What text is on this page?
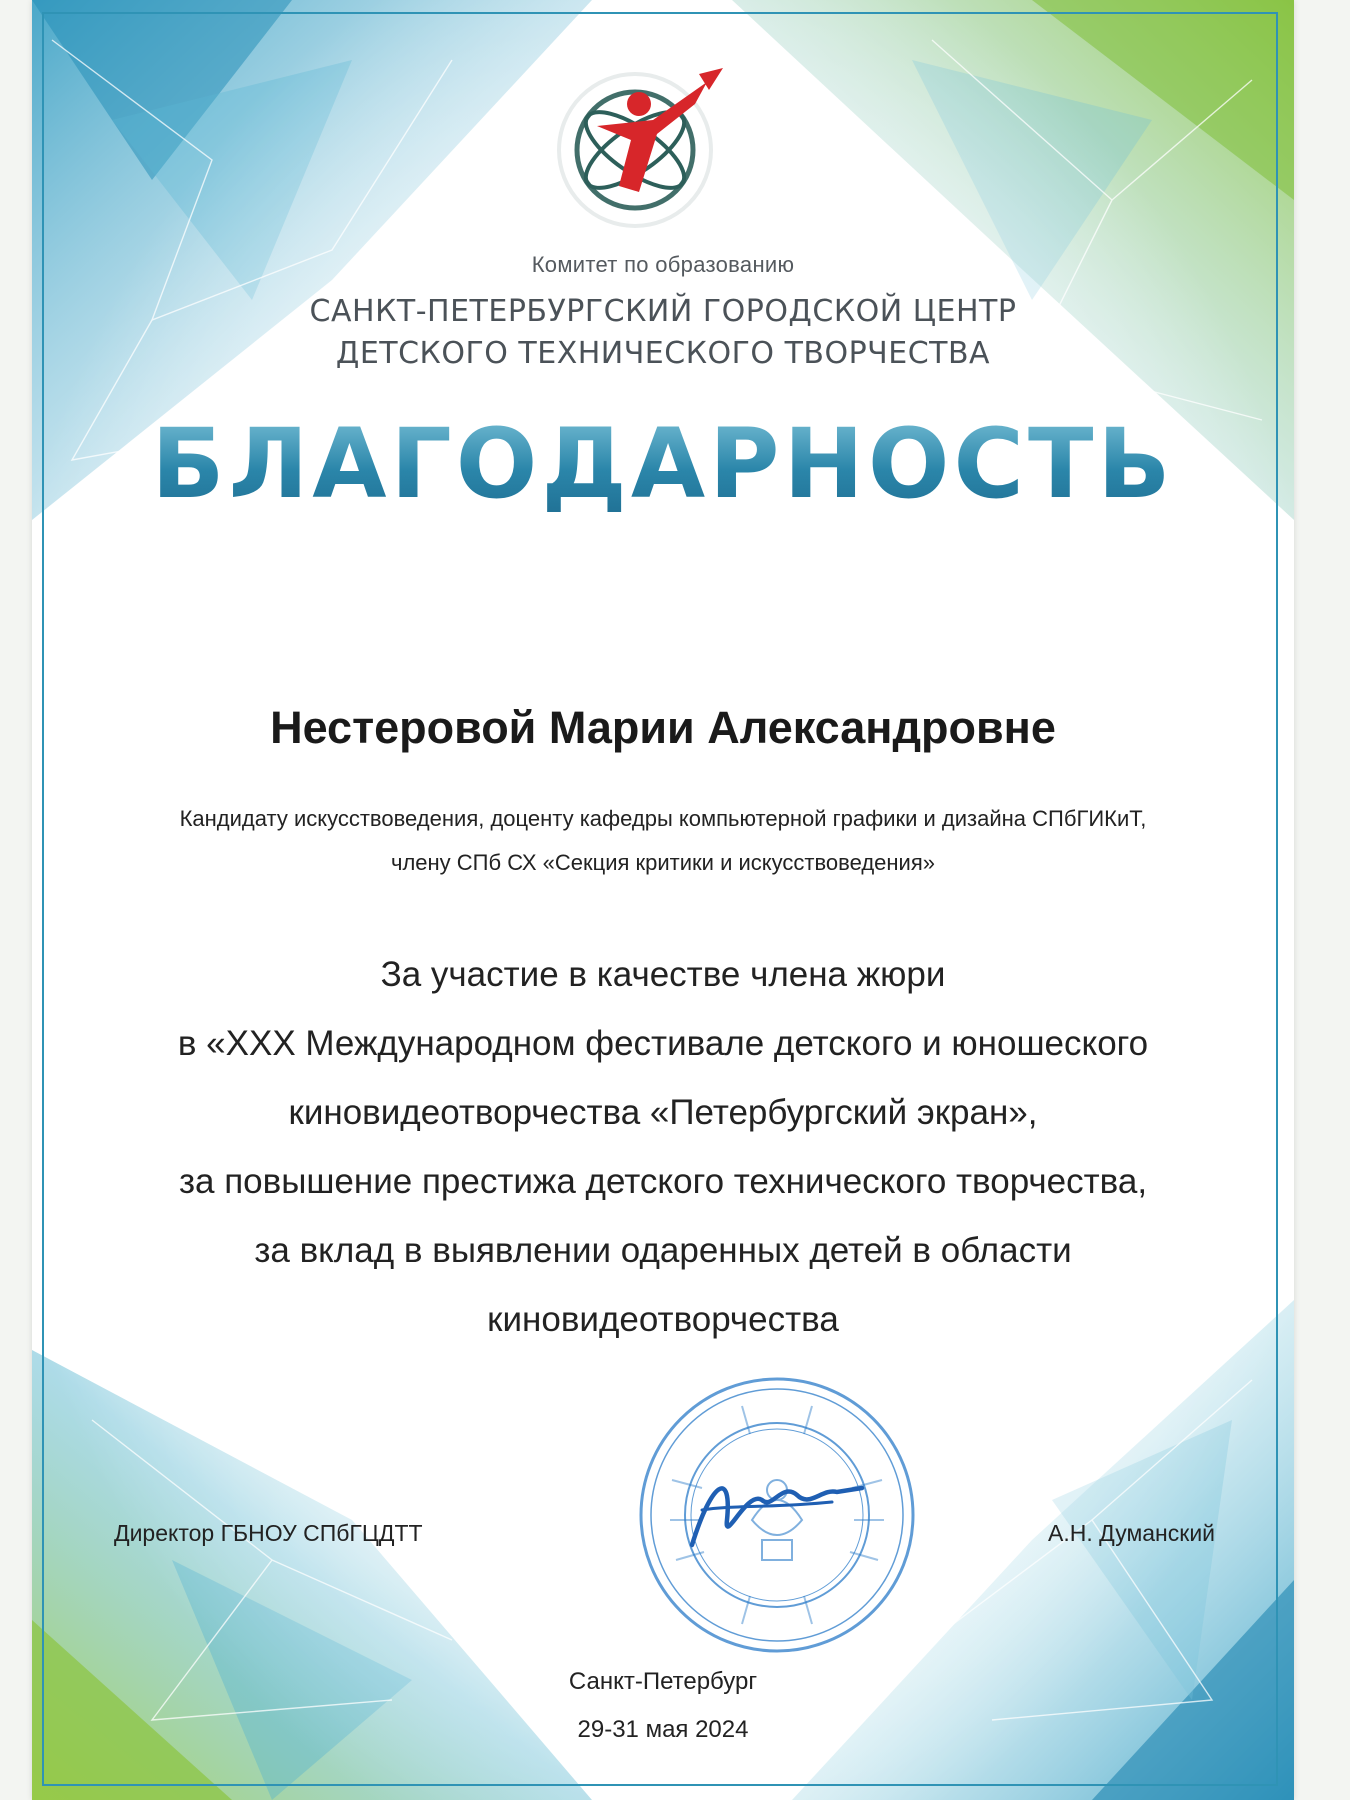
Комитет по образованию
САНКТ-ПЕТЕРБУРГСКИЙ ГОРОДСКОЙ ЦЕНТР
ДЕТСКОГО ТЕХНИЧЕСКОГО ТВОРЧЕСТВА
БЛАГОДАРНОСТЬ
Нестеровой Марии Александровне
Кандидату искусствоведения, доценту кафедры компьютерной графики и дизайна СПбГИКиТ,
члену СПб СХ «Секция критики и искусствоведения»
За участие в качестве члена жюри
в «XXX Международном фестивале детского и юношеского
киновидеотворчества «Петербургский экран»,
за повышение престижа детского технического творчества,
за вклад в выявлении одаренных детей в области
киновидеотворчества
Директор ГБНОУ СПбГЦДТТ	А.Н. Думанский
Санкт-Петербург
29-31 мая 2024
